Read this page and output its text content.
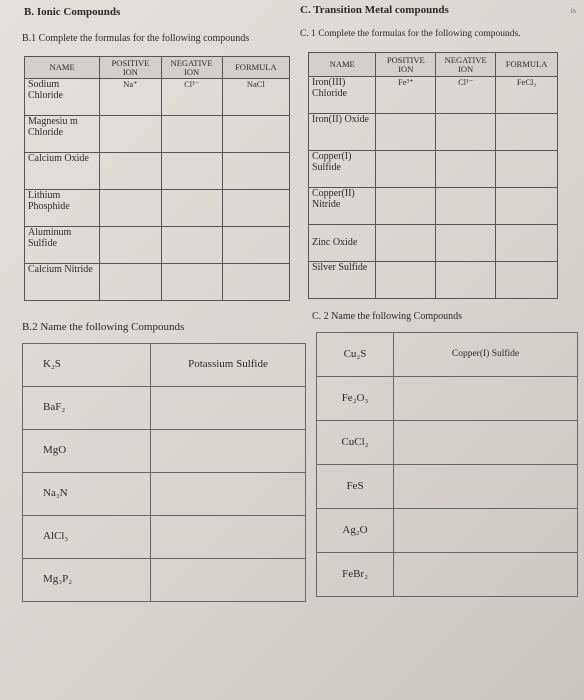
is
B. Ionic Compounds
B.1 Complete the formulas for the following compounds
NAME	POSITIVE ION	NEGATIVE ION	FORMULA
Sodium Chloride	Na⁺	Cl¹⁻	NaCl
Magnesiu m Chloride			
Calcium Oxide			
Lithium Phosphide			
Aluminum Sulfide			
Calcium Nitride			
B.2 Name the following Compounds
K₂S	Potassium Sulfide
BaF₂	
MgO	
Na₃N	
AlCl₃	
Mg₃P₂	
C. Transition Metal compounds
C. 1 Complete the formulas for the following compounds.
NAME	POSITIVE ION	NEGATIVE ION	FORMULA
Iron(III) Chloride	Fe³⁺	Cl¹⁻	FeCl₃
Iron(II) Oxide			
Copper(I) Sulfide			
Copper(II) Nitride			
Zinc Oxide			
Silver Sulfide			
C. 2 Name the following Compounds
Cu₂S	Copper(I) Sulfide
Fe₂O₃	
CuCl₂	
FeS	
Ag₂O	
FeBr₂	
